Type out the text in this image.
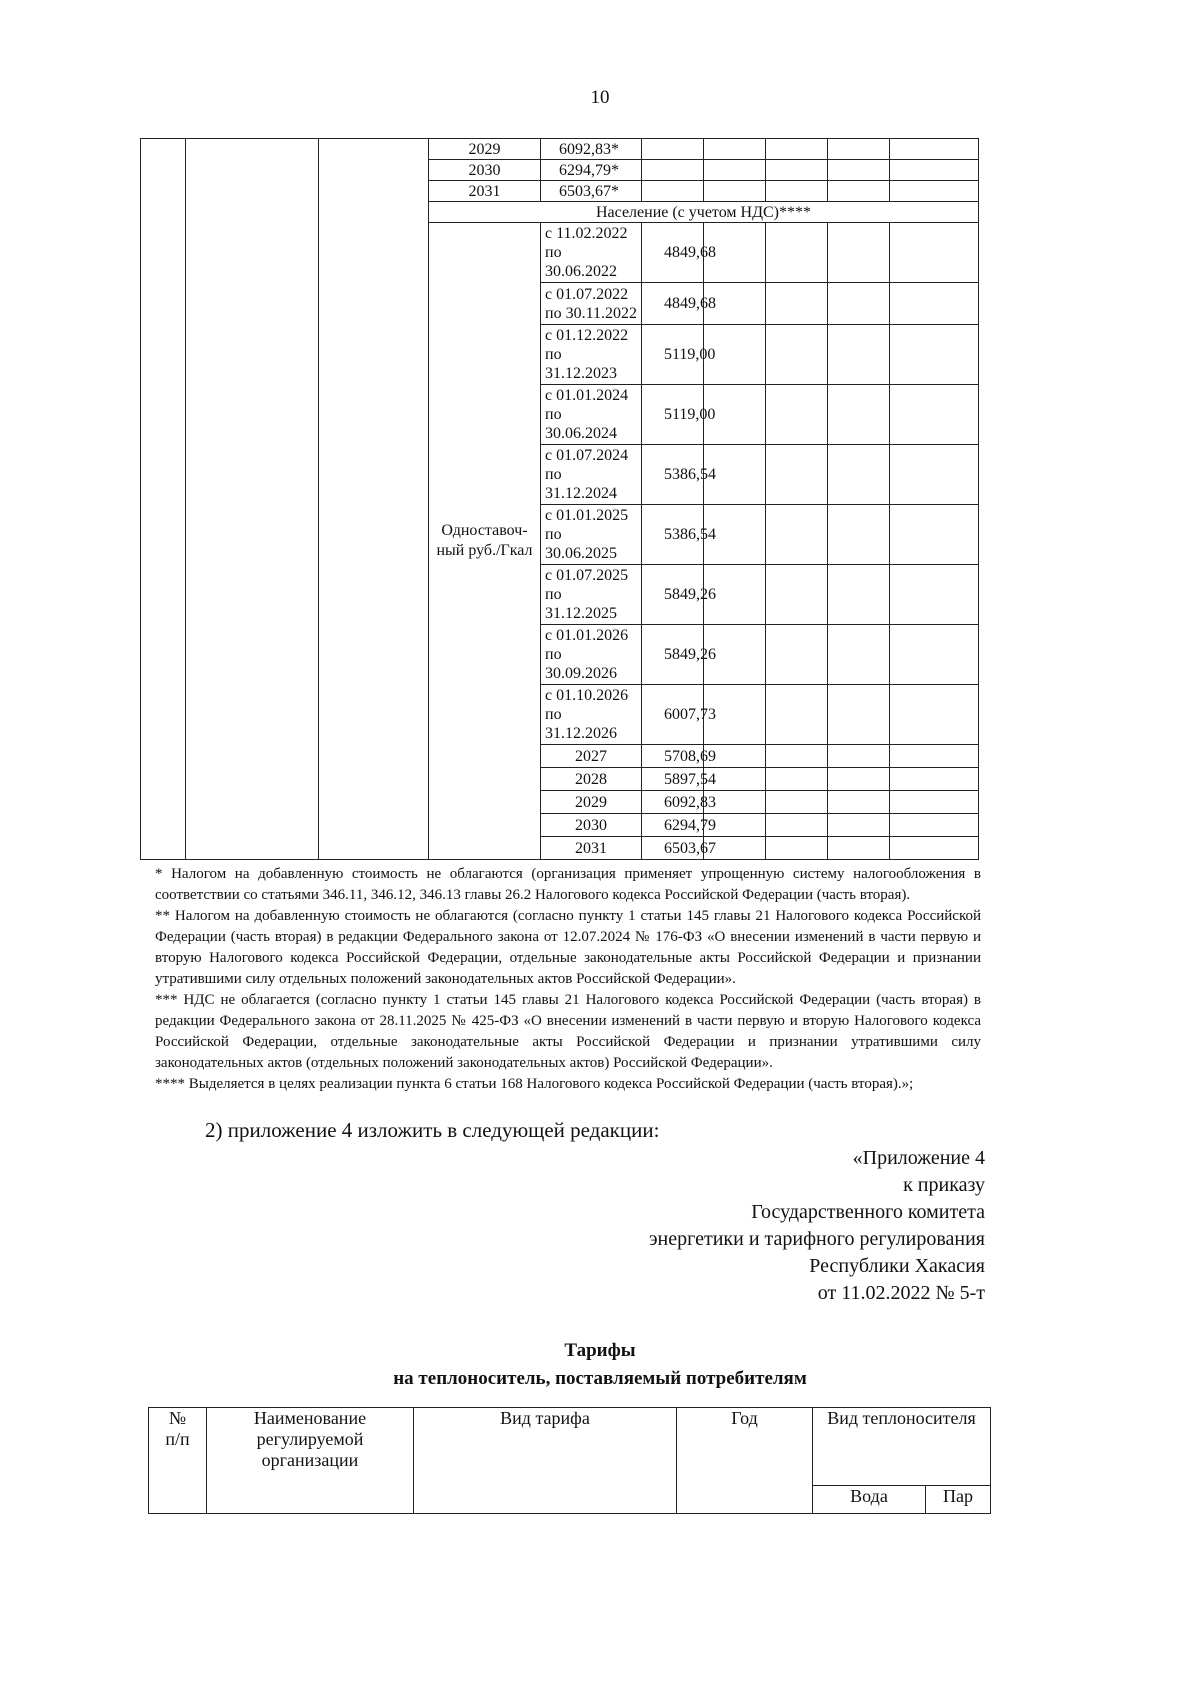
10
			2029	6092,83*						
			2030	6294,79*						
			2031	6503,67*						
			Население (с учетом НДС)****							
			Одноставоч-ный руб./Гкал	с 11.02.2022 по 30.06.2022	4849,68					
				с 01.07.2022 по 30.11.2022	4849,68					
				с 01.12.2022 по 31.12.2023	5119,00					
				с 01.01.2024 по 30.06.2024	5119,00					
				с 01.07.2024 по 31.12.2024	5386,54					
				с 01.01.2025 по 30.06.2025	5386,54					
				с 01.07.2025 по 31.12.2025	5849,26					
				с 01.01.2026 по 30.09.2026	5849,26					
				с 01.10.2026 по 31.12.2026	6007,73					
				2027	5708,69					
				2028	5897,54					
				2029	6092,83					
				2030	6294,79					
				2031	6503,67					

* Налогом на добавленную стоимость не облагаются (организация применяет упрощенную систему налогообложения в соответствии со статьями 346.11, 346.12, 346.13 главы 26.2 Налогового кодекса Российской Федерации (часть вторая).

** Налогом на добавленную стоимость не облагаются (согласно пункту 1 статьи 145 главы 21 Налогового кодекса Российской Федерации (часть вторая) в редакции Федерального закона от 12.07.2024 № 176-ФЗ «О внесении изменений в части первую и вторую Налогового кодекса Российской Федерации, отдельные законодательные акты Российской Федерации и признании утратившими силу отдельных положений законодательных актов Российской Федерации».

*** НДС не облагается (согласно пункту 1 статьи 145 главы 21 Налогового кодекса Российской Федерации (часть вторая) в редакции Федерального закона от 28.11.2025 № 425-ФЗ «О внесении изменений в части первую и вторую Налогового кодекса Российской Федерации, отдельные законодательные акты Российской Федерации и признании утратившими силу законодательных актов (отдельных положений законодательных актов) Российской Федерации».

**** Выделяется в целях реализации пункта 6 статьи 168 Налогового кодекса Российской Федерации (часть вторая).»;

2) приложение 4 изложить в следующей редакции:
«Приложение 4
к приказу
Государственного комитета
энергетики и тарифного регулирования
Республики Хакасия
от 11.02.2022 № 5-т
Тарифы
на теплоноситель, поставляемый потребителям
№ п/п	Наименование регулируемой организации	Вид тарифа	Год	Вид теплоносителя	
				Вода	Пар
